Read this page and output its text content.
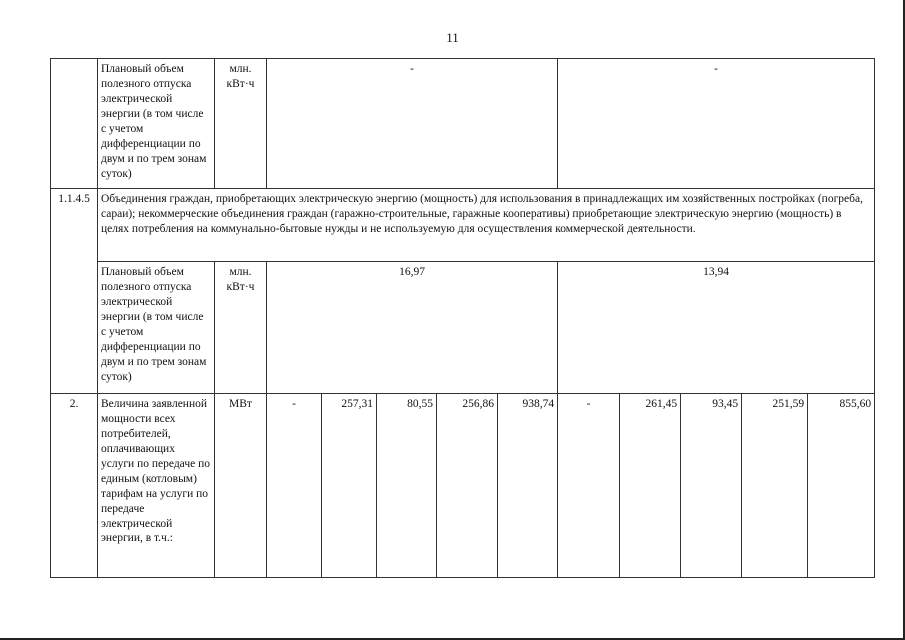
11
	Плановый объем полезного отпуска электрической энергии (в том числе с учетом дифференциации по двум и по трем зонам суток)	млн. кВт·ч	-					-				
1.1.4.5	Объединения граждан, приобретающих электрическую энергию (мощность) для использования в принадлежащих им хозяйственных постройках (погреба, сараи); некоммерческие объединения граждан (гаражно-строительные, гаражные кооперативы) приобретающие электрическую энергию (мощность) в целях потребления на коммунально-бытовые нужды и не используемую для осуществления коммерческой деятельности.											
	Плановый объем полезного отпуска электрической энергии (в том числе с учетом дифференциации по двум и по трем зонам суток)	млн. кВт·ч	16,97					13,94				
2.	Величина заявленной мощности всех потребителей, оплачивающих услуги по передаче по единым (котловым) тарифам на услуги по передаче электрической энергии, в т.ч.:	МВт	-	257,31	80,55	256,86	938,74	-	261,45	93,45	251,59	855,60
